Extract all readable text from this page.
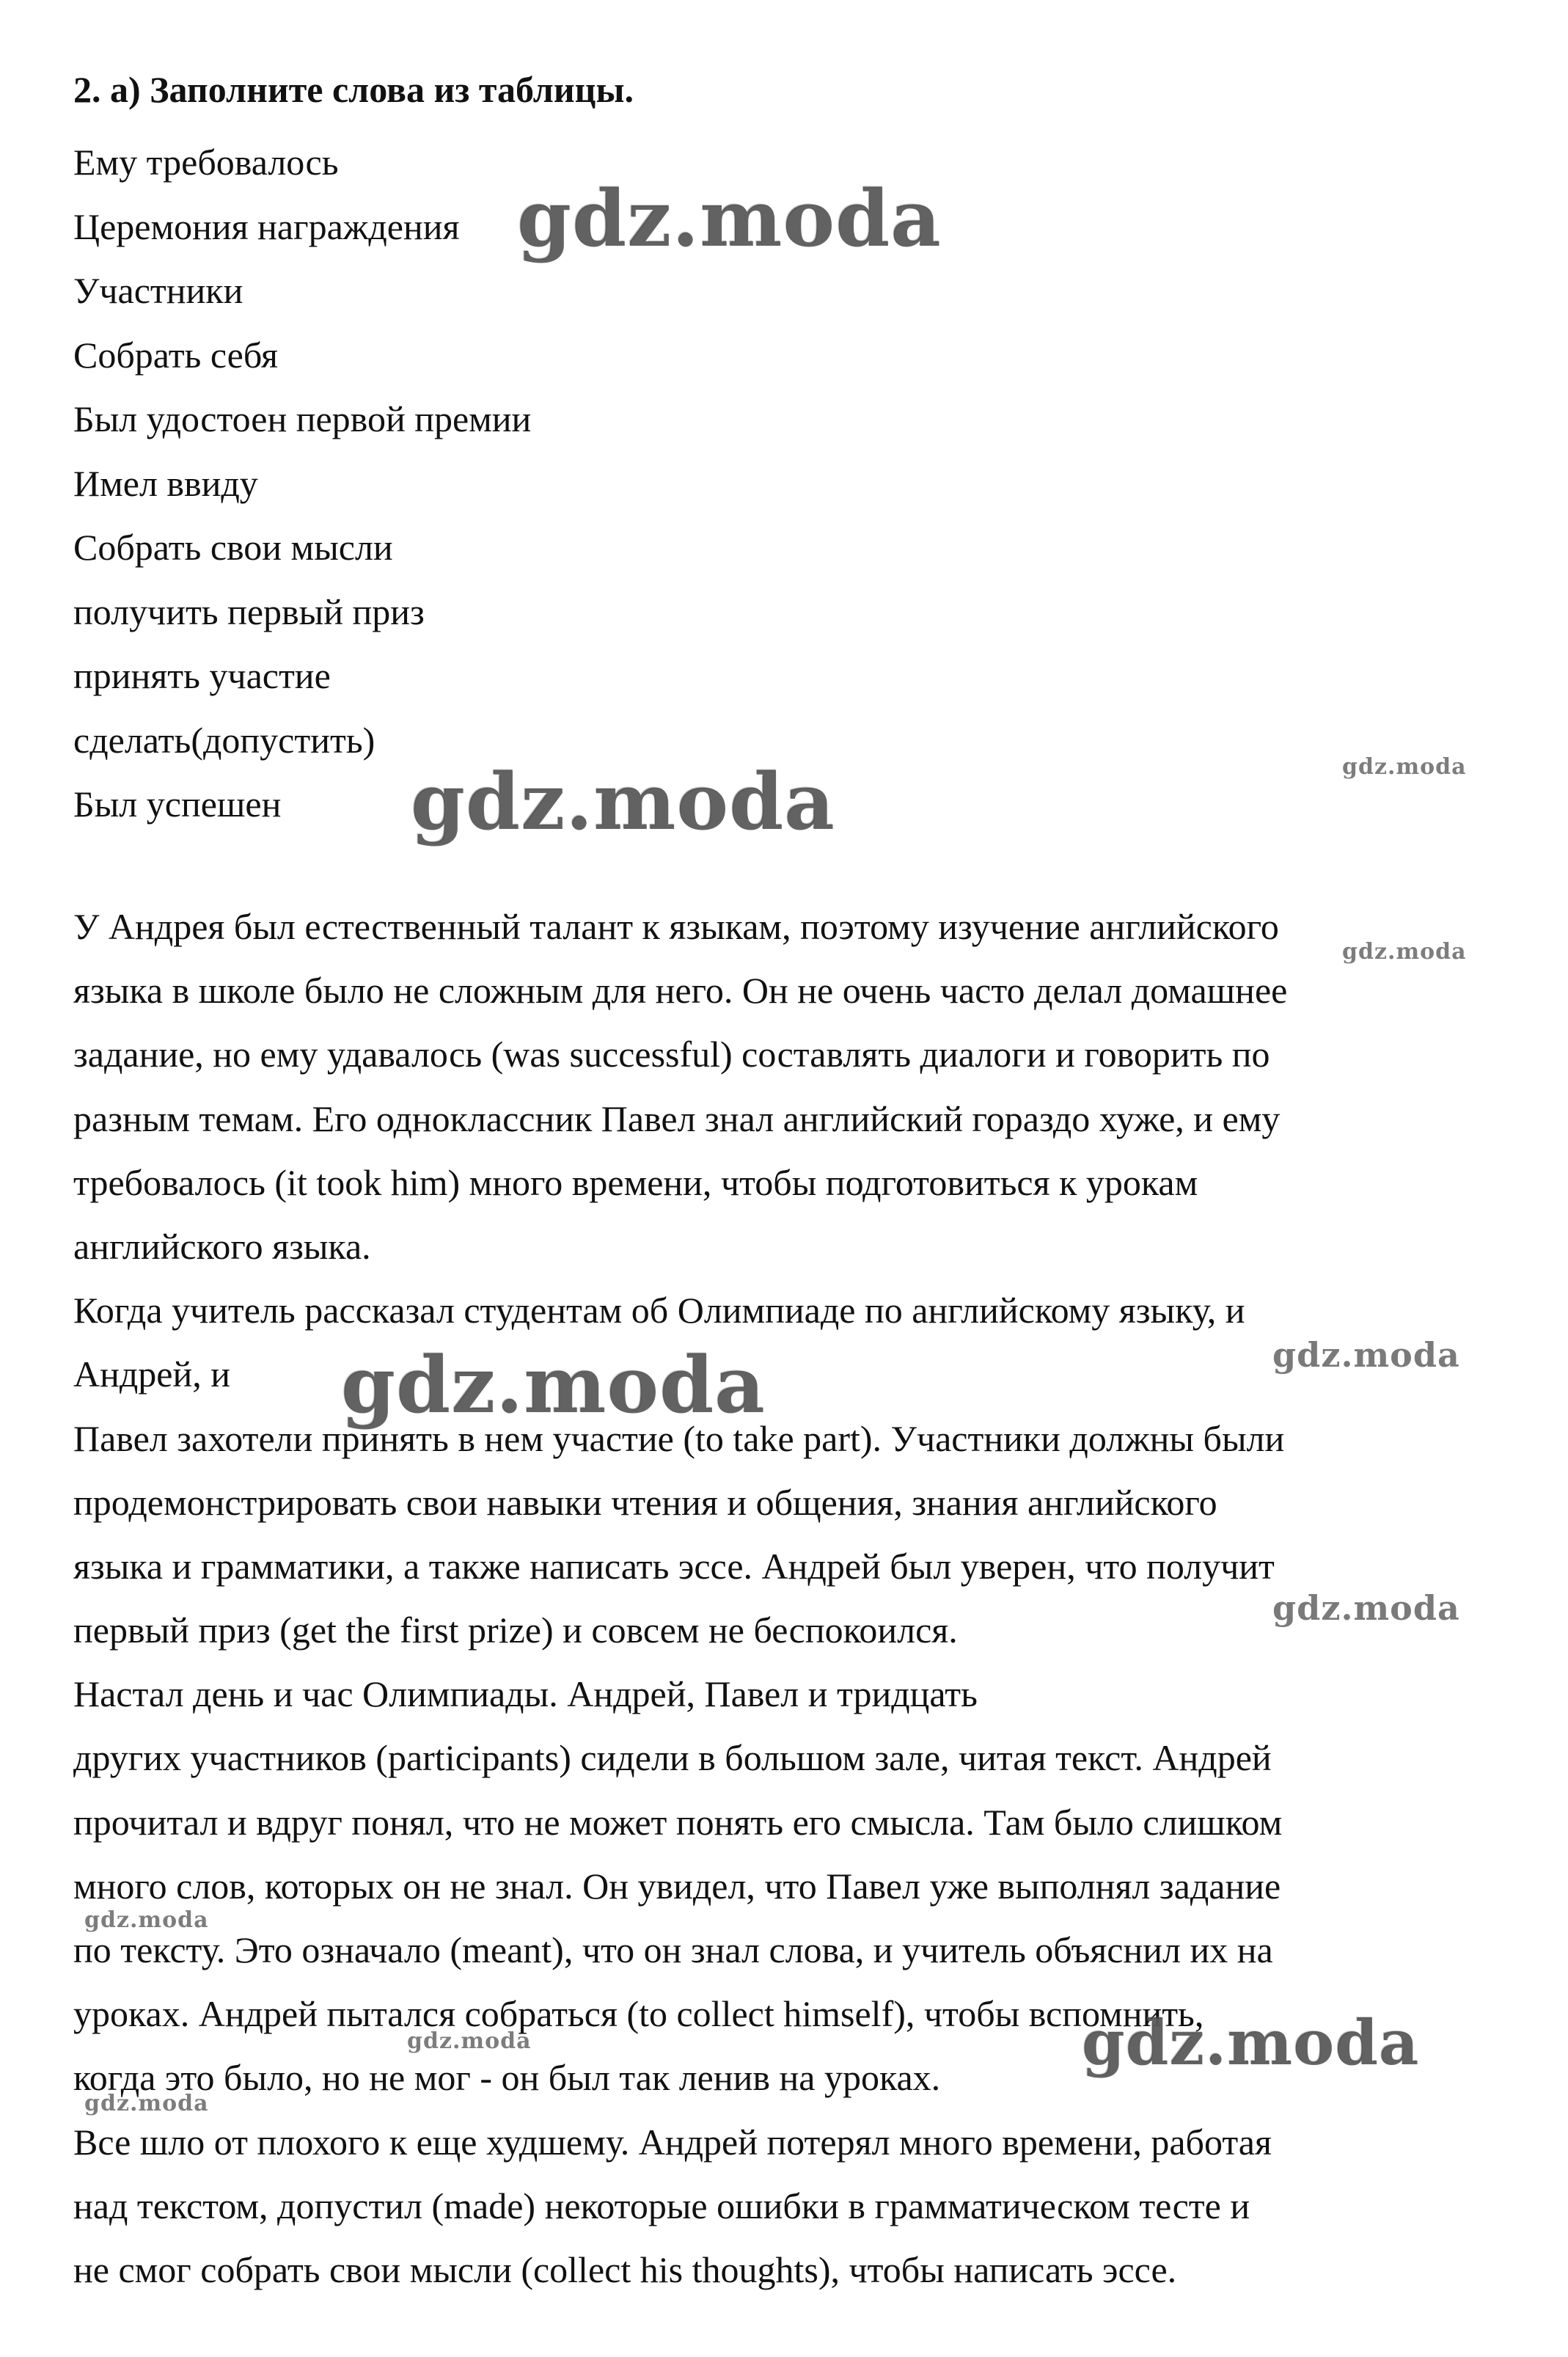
2. а) Заполните слова из таблицы.
Ему требовалось
Церемония награждения
Участники
Собрать себя
Был удостоен первой премии
Имел ввиду
Собрать свои мысли
получить первый приз
принять участие
сделать(допустить)
Был успешен
У Андрея был естественный талант к языкам, поэтому изучение английского
языка в школе было не сложным для него. Он не очень часто делал домашнее
задание, но ему удавалось (was successful) составлять диалоги и говорить по
разным темам. Его одноклассник Павел знал английский гораздо хуже, и ему
требовалось (it took him) много времени, чтобы подготовиться к урокам
английского языка.
Когда учитель рассказал студентам об Олимпиаде по английскому языку, и
Андрей, и
Павел захотели принять в нем участие (to take part). Участники должны были
продемонстрировать свои навыки чтения и общения, знания английского
языка и грамматики, а также написать эссе. Андрей был уверен, что получит
первый приз (get the first prize) и совсем не беспокоился.
Настал день и час Олимпиады. Андрей, Павел и тридцать
других участников (participants) сидели в большом зале, читая текст. Андрей
прочитал и вдруг понял, что не может понять его смысла. Там было слишком
много слов, которых он не знал. Он увидел, что Павел уже выполнял задание
по тексту. Это означало (meant), что он знал слова, и учитель объяснил их на
уроках. Андрей пытался собраться (to collect himself), чтобы вспомнить,
когда это было, но не мог - он был так ленив на уроках.
Все шло от плохого к еще худшему. Андрей потерял много времени, работая
над текстом, допустил (made) некоторые ошибки в грамматическом тесте и
не смог собрать свои мысли (collect his thoughts), чтобы написать эссе.
gdz.moda
gdz.moda	gdz.moda
gdz.moda
gdz.moda	gdz.moda
gdz.moda
gdz.moda
gdz.moda	gdz.moda
gdz.moda
